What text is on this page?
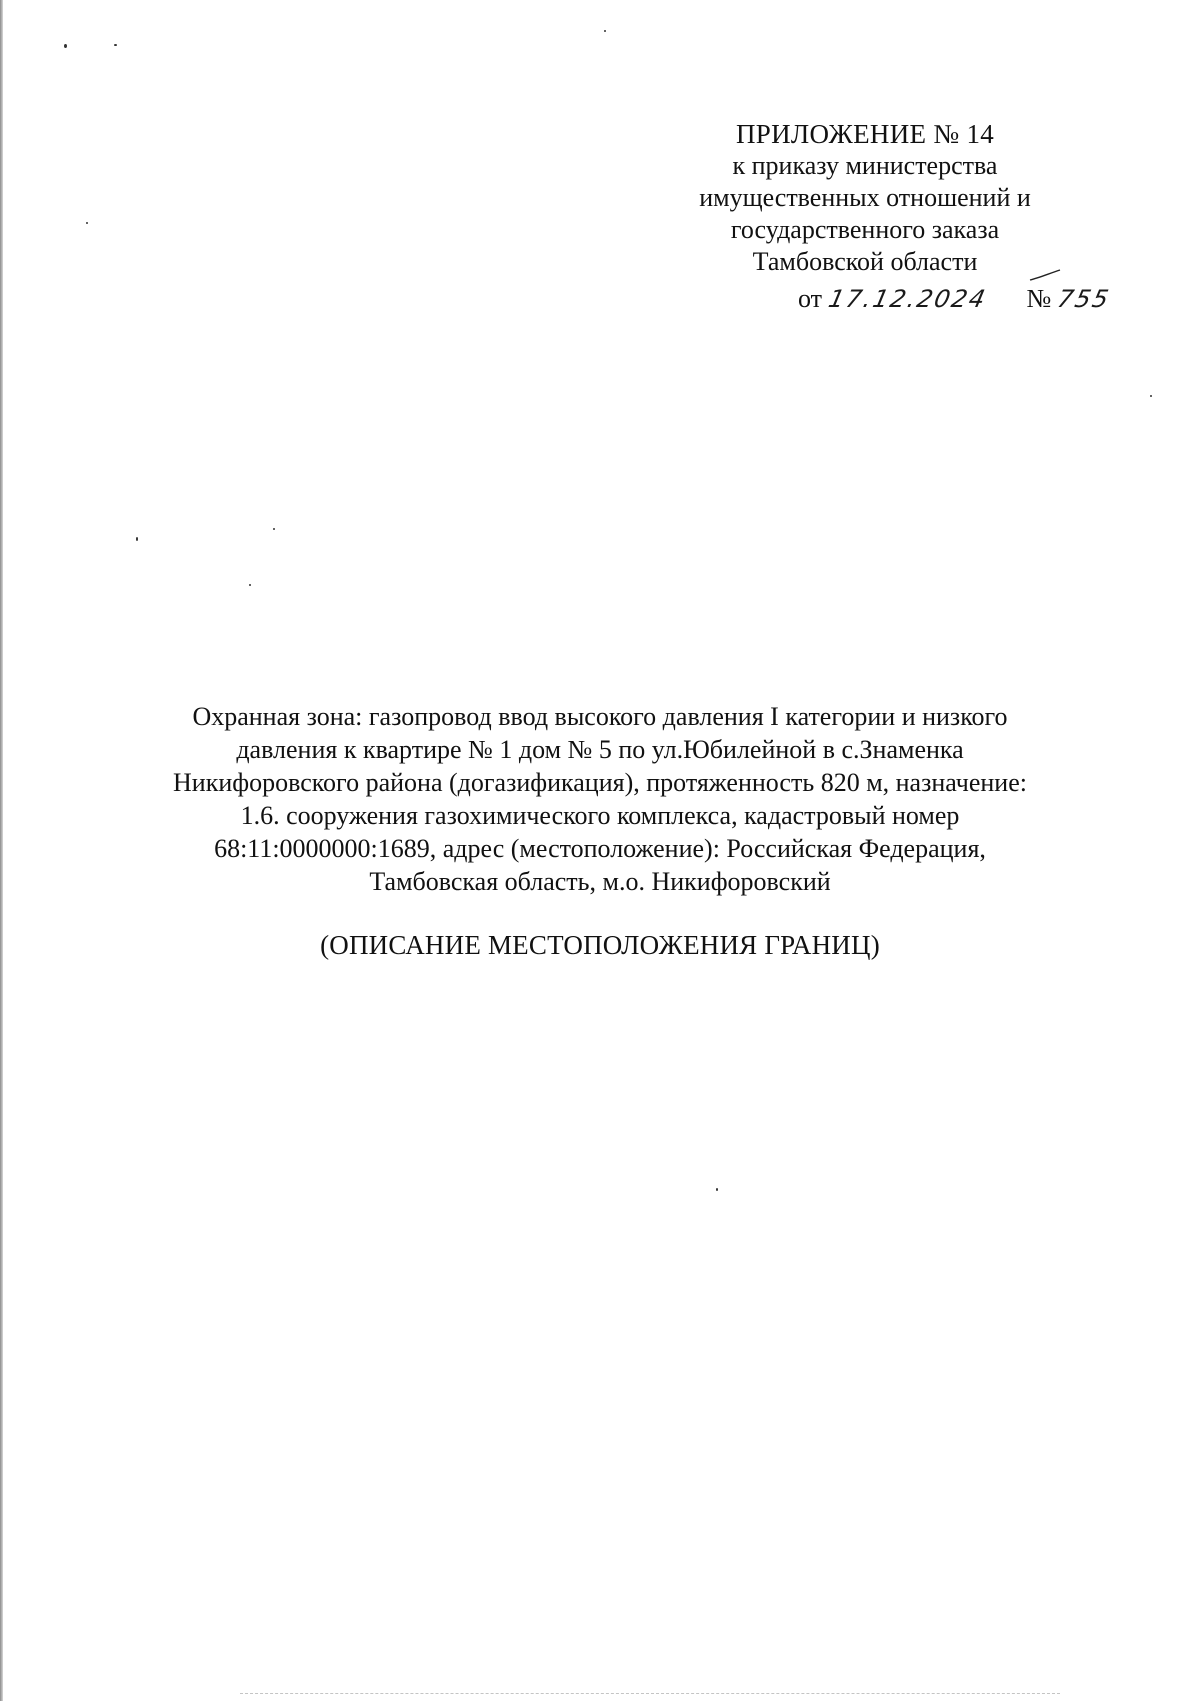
ПРИЛОЖЕНИЕ № 14
к приказу министерства
имущественных отношений и
государственного заказа
Тамбовской области
от 17.12.2024 № 755
Охранная зона: газопровод ввод высокого давления I категории и низкого
давления к квартире № 1 дом № 5 по ул.Юбилейной в с.Знаменка
Никифоровского района (догазификация), протяженность 820 м, назначение:
1.6. сооружения газохимического комплекса, кадастровый номер
68:11:0000000:1689, адрес (местоположение): Российская Федерация,
Тамбовская область, м.о. Никифоровский
(ОПИСАНИЕ МЕСТОПОЛОЖЕНИЯ ГРАНИЦ)
